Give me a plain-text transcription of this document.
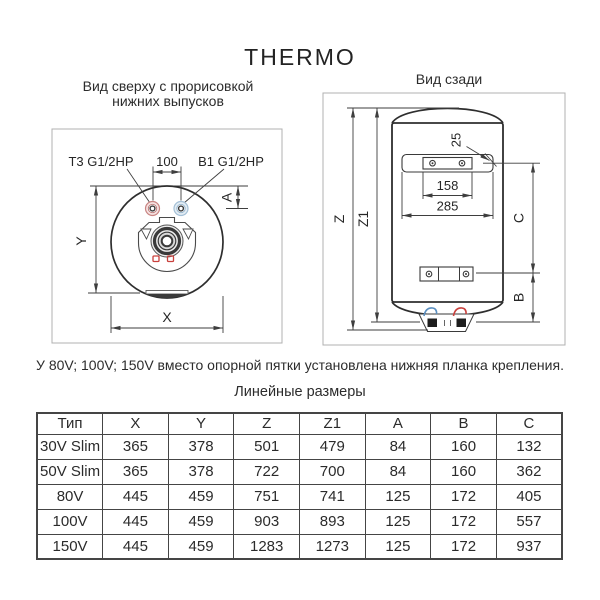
T3 G1/2HP 100 B1 G1/2HP
A
Y
X
25
158
285
Z Z1	C
B
THERMO
Вид сверху с прорисовкой
нижних выпусков
Вид сзади
У 80V; 100V; 150V вместо опорной пятки установлена нижняя планка крепления.
Линейные размеры
Тип	X	Y	Z	Z1	A	B	C
30V Slim	365	378	501	479	84	160	132
50V Slim	365	378	722	700	84	160	362
80V	445	459	751	741	125	172	405
100V	445	459	903	893	125	172	557
150V	445	459	1283	1273	125	172	937
